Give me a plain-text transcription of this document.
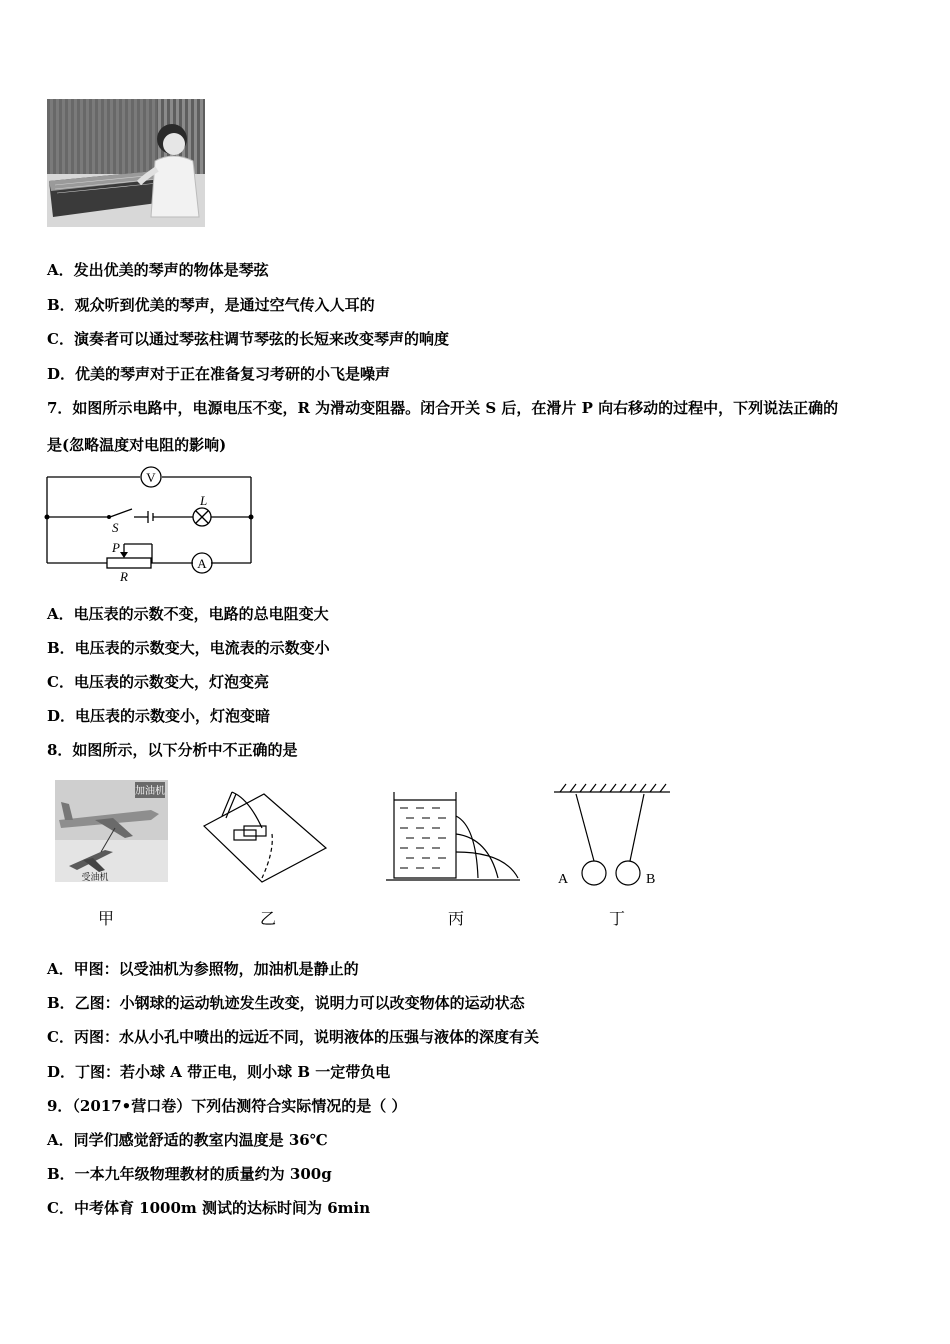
A．发出优美的琴声的物体是琴弦
B．观众听到优美的琴声，是通过空气传入人耳的
C．演奏者可以通过琴弦柱调节琴弦的长短来改变琴声的响度
D．优美的琴声对于正在准备复习考研的小飞是噪声
7．如图所示电路中，电源电压不变，R 为滑动变阻器。闭合开关 S 后，在滑片 P 向右移动的过程中，下列说法正确的
是(忽略温度对电阻的影响)
V
A
S
L
P
R
A．电压表的示数不变，电路的总电阻变大
B．电压表的示数变大，电流表的示数变小
C．电压表的示数变大，灯泡变亮
D．电压表的示数变小，灯泡变暗
8．如图所示，以下分析中不正确的是
加油机
受油机	A	B
甲	乙	丙	丁
A．甲图：以受油机为参照物，加油机是静止的
B．乙图：小钢球的运动轨迹发生改变，说明力可以改变物体的运动状态
C．丙图：水从小孔中喷出的远近不同，说明液体的压强与液体的深度有关
D．丁图：若小球 A 带正电，则小球 B 一定带负电
9．（2017•营口卷）下列估测符合实际情况的是（ ）
A．同学们感觉舒适的教室内温度是 36℃
B．一本九年级物理教材的质量约为 300g
C．中考体育 1000m 测试的达标时间为 6min
